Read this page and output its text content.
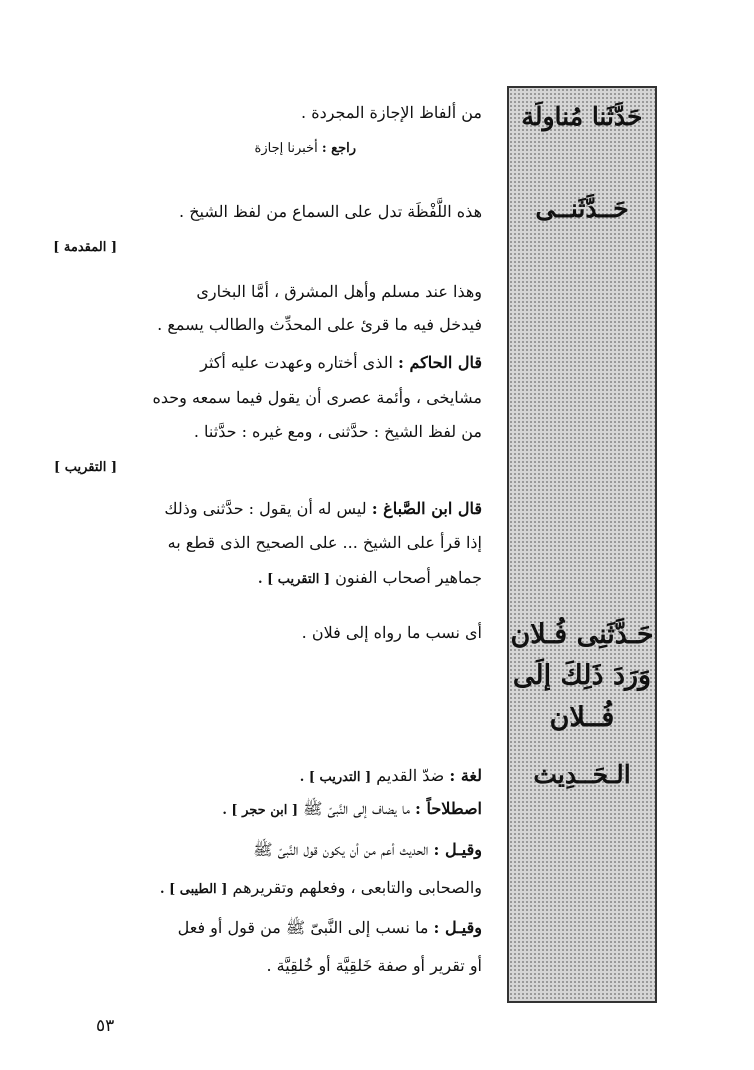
حَدَّثَنا مُناولَة
حَــدَّثَنــى
حَـدَّثَنِى فُـلان
وَرَدَ ذَلِكَ إلَى
فُــلان
الـحَــدِيث
من ألفاظ الإجازة المجردة .
راجع : أخبرنا إجازة
هذه اللَّفْظَة تدل على السماع من لفظ الشيخ .
[ المقدمة ]
وهذا عند مسلم وأهل المشرق ، أمَّا البخارى
فيدخل فيه ما قرئ على المحدِّث والطالب يسمع .
قال الحاكم : الذى أختاره وعهدت عليه أكثر
مشايخى ، وأئمة عصرى أن يقول فيما سمعه وحده
من لفظ الشيخ : حدَّثنى ، ومع غيره : حدَّثنا .
[ التقريب ]
قال ابن الصَّباغ : ليس له أن يقول : حدَّثنى وذلك
إذا قرأ على الشيخ ... على الصحيح الذى قطع به
جماهير أصحاب الفنون [ التقريب ] .
أى نسب ما رواه إلى فلان .
لغة : ضدّ القديم [ التدريب ] .
اصطلاحاً : ما يضاف إلى النَّبىّ ﷺ [ ابن حجر ] .
وقيـل : الحديث أعم من أن يكون قول النَّبىّ ﷺ
والصحابى والتابعى ، وفعلهم وتقريرهم [ الطيبى ] .
وقيـل : ما نسب إلى النَّبىّ ﷺ من قول أو فعل
أو تقرير أو صفة خَلقِيَّة أو خُلقِيَّة .
٥٣
